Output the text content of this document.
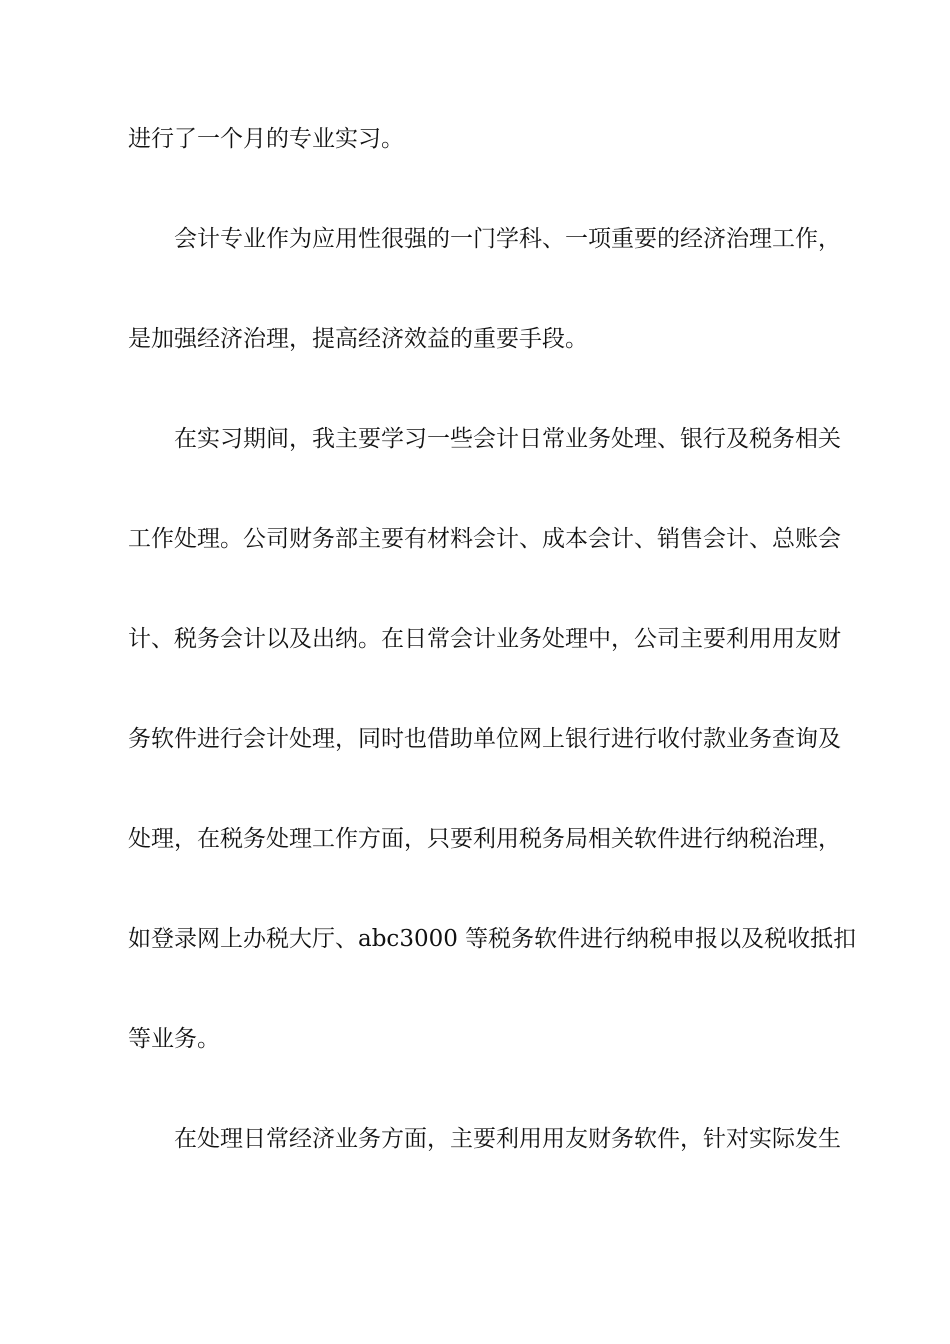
进行了一个月的专业实习。
会计专业作为应用性很强的一门学科、一项重要的经济治理工作，
是加强经济治理，提高经济效益的重要手段。
在实习期间，我主要学习一些会计日常业务处理、银行及税务相关
工作处理。公司财务部主要有材料会计、成本会计、销售会计、总账会
计、税务会计以及出纳。在日常会计业务处理中，公司主要利用用友财
务软件进行会计处理，同时也借助单位网上银行进行收付款业务查询及
处理，在税务处理工作方面，只要利用税务局相关软件进行纳税治理，
如登录网上办税大厅、abc3000 等税务软件进行纳税申报以及税收抵扣
等业务。
在处理日常经济业务方面，主要利用用友财务软件，针对实际发生
